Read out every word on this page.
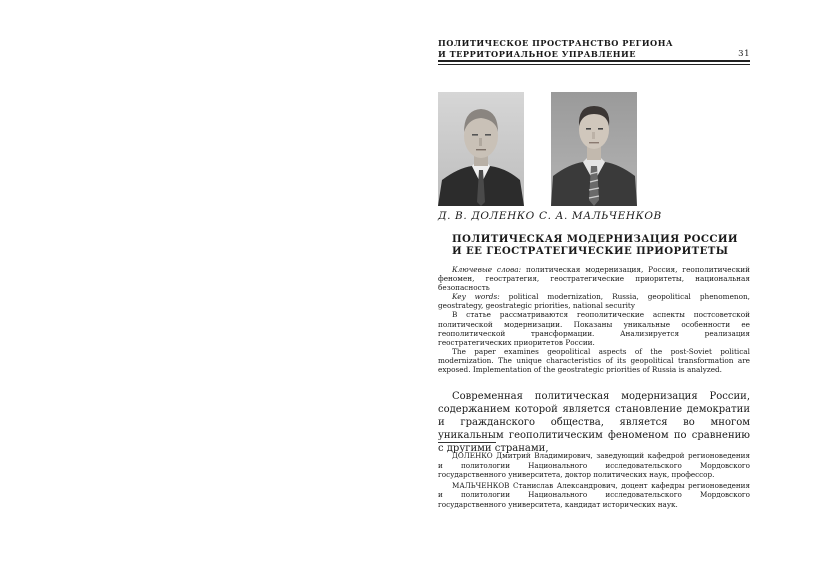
ПОЛИТИЧЕСКОЕ ПРОСТРАНСТВО РЕГИОНА
И ТЕРРИТОРИАЛЬНОЕ УПРАВЛЕНИЕ	31
Д. В. ДОЛЕНКО С. А. МАЛЬЧЕНКОВ
ПОЛИТИЧЕСКАЯ МОДЕРНИЗАЦИЯ РОССИИ
И ЕЕ ГЕОСТРАТЕГИЧЕСКИЕ ПРИОРИТЕТЫ

Ключевые слова: политическая модернизация, Россия, геополитический феномен, геостратегия, геостратегические приоритеты, национальная безопасность

Key words: political modernization, Russia, geopolitical phenomenon, geostrategy, geostrategic priorities, national security

В статье рассматриваются геополитические аспекты постсоветской политической модернизации. Показаны уникальные особенности ее геополитической трансформации. Анализируется реализация геостратегических приоритетов России.

The paper examines geopolitical aspects of the post-Soviet political modernization. The unique characteristics of its geopolitical transformation are exposed. Implementation of the geostrategic priorities of Russia is analyzed.

Современная политическая модернизация России, содержанием которой является становление демократии и гражданского общества, является во многом уникальным геополитическим феноменом по сравнению с другими странами,

ДОЛЕНКО Дмитрий Владимирович, заведующий кафедрой регионоведения и политологии Национального исследовательского Мордовского государственного университета, доктор политических наук, профессор.

МАЛЬЧЕНКОВ Станислав Александрович, доцент кафедры регионоведения и политологии Национального исследовательского Мордовского государственного университета, кандидат исторических наук.
